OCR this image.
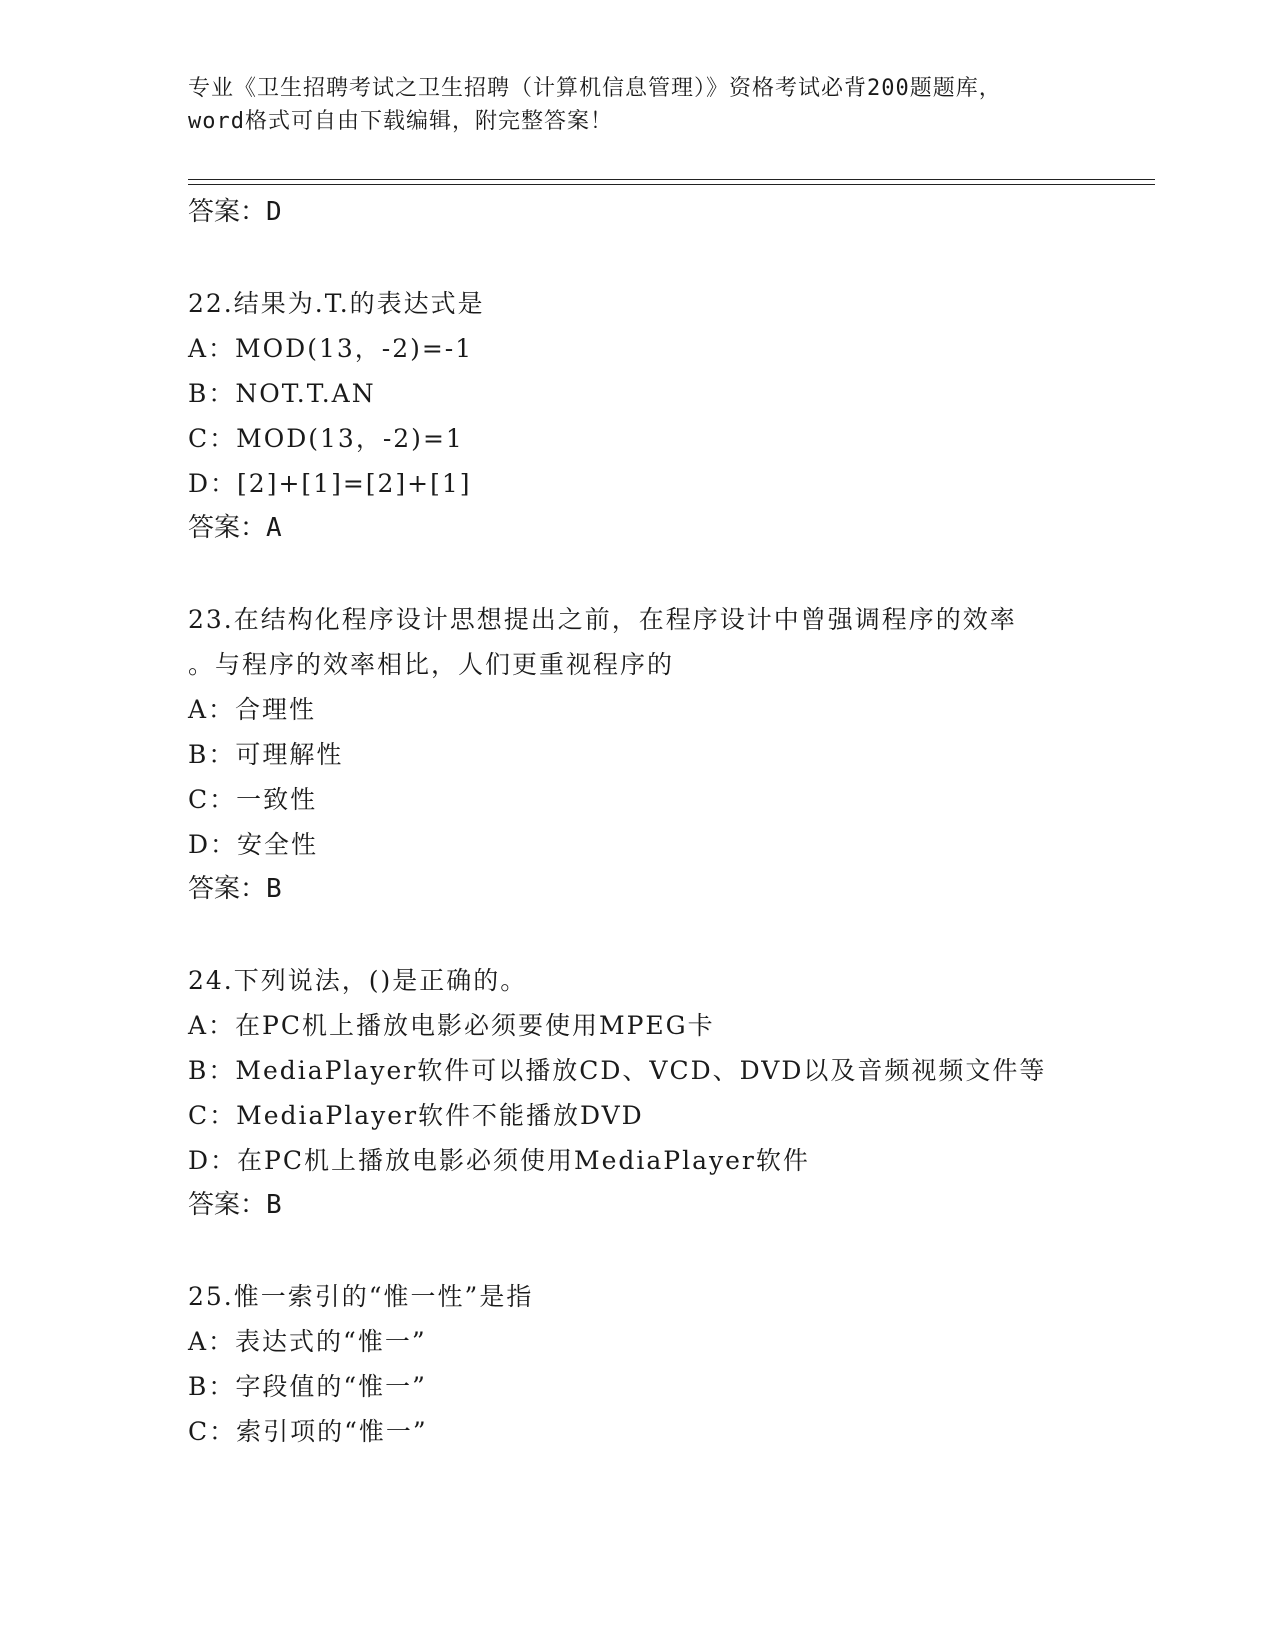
专业《卫生招聘考试之卫生招聘（计算机信息管理）》资格考试必背200题题库，
word格式可自由下载编辑，附完整答案！
答案：D
22.结果为.T.的表达式是
A：MOD(13，-2)=-1
B：NOT.T.AN
C：MOD(13，-2)=1
D：[2]+[1]=[2]+[1]
答案：A
23.在结构化程序设计思想提出之前，在程序设计中曾强调程序的效率
。与程序的效率相比，人们更重视程序的
A：合理性
B：可理解性
C：一致性
D：安全性
答案：B
24.下列说法，()是正确的。
A：在PC机上播放电影必须要使用MPEG卡
B：MediaPlayer软件可以播放CD、VCD、DVD以及音频视频文件等
C：MediaPlayer软件不能播放DVD
D：在PC机上播放电影必须使用MediaPlayer软件
答案：B
25.惟一索引的“惟一性”是指
A：表达式的“惟一”
B：字段值的“惟一”
C：索引项的“惟一”
